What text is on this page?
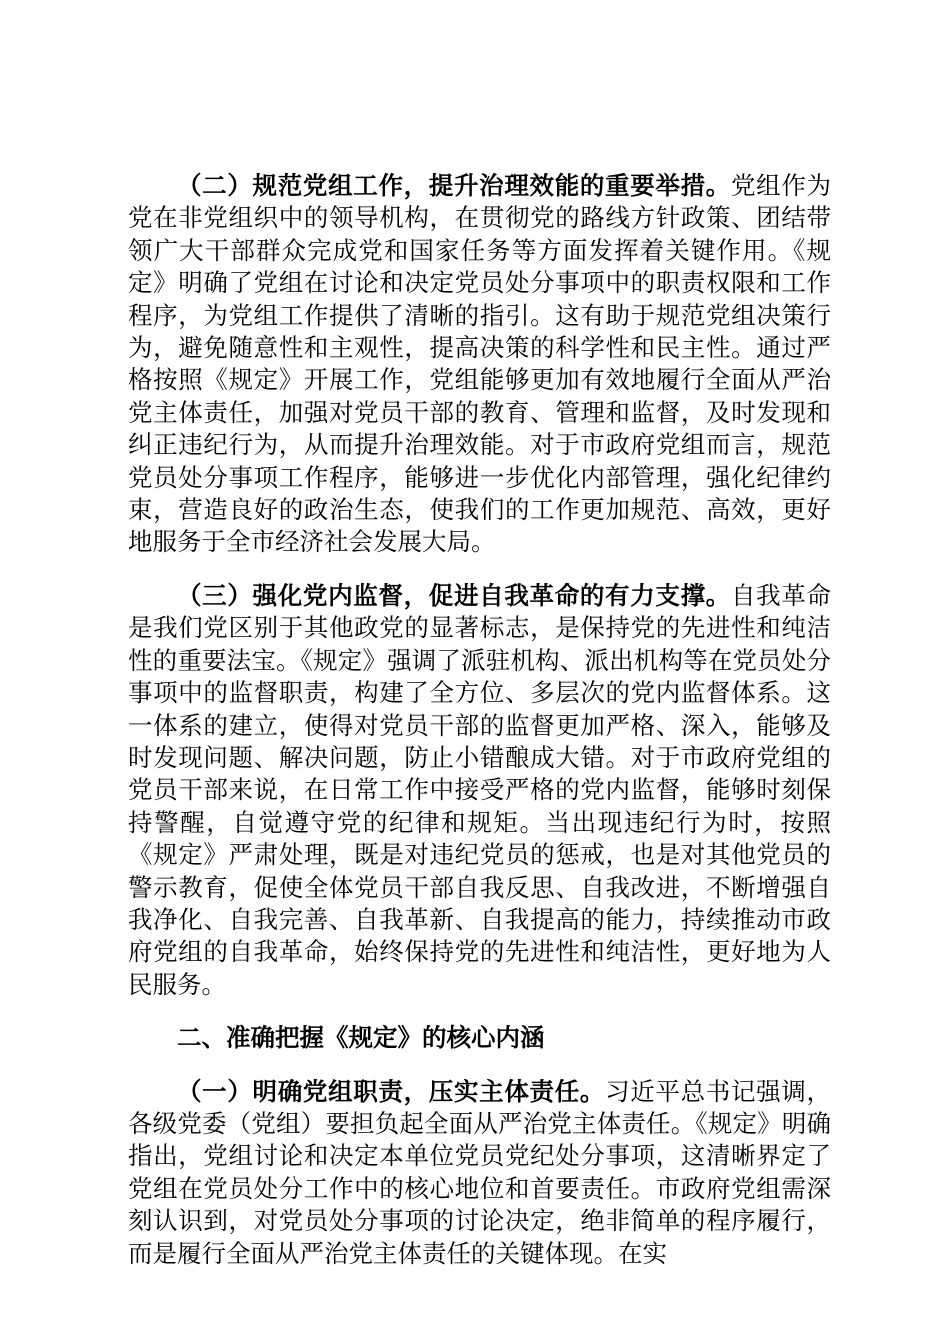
（二）规范党组工作，提升治理效能的重要举措。党组作为党在非党组织中的领导机构，在贯彻党的路线方针政策、团结带领广大干部群众完成党和国家任务等方面发挥着关键作用。《规定》明确了党组在讨论和决定党员处分事项中的职责权限和工作程序，为党组工作提供了清晰的指引。这有助于规范党组决策行为，避免随意性和主观性，提高决策的科学性和民主性。通过严格按照《规定》开展工作，党组能够更加有效地履行全面从严治党主体责任，加强对党员干部的教育、管理和监督，及时发现和纠正违纪行为，从而提升治理效能。对于市政府党组而言，规范党员处分事项工作程序，能够进一步优化内部管理，强化纪律约束，营造良好的政治生态，使我们的工作更加规范、高效，更好地服务于全市经济社会发展大局。

（三）强化党内监督，促进自我革命的有力支撑。自我革命是我们党区别于其他政党的显著标志，是保持党的先进性和纯洁性的重要法宝。《规定》强调了派驻机构、派出机构等在党员处分事项中的监督职责，构建了全方位、多层次的党内监督体系。这一体系的建立，使得对党员干部的监督更加严格、深入，能够及时发现问题、解决问题，防止小错酿成大错。对于市政府党组的党员干部来说，在日常工作中接受严格的党内监督，能够时刻保持警醒，自觉遵守党的纪律和规矩。当出现违纪行为时，按照《规定》严肃处理，既是对违纪党员的惩戒，也是对其他党员的警示教育，促使全体党员干部自我反思、自我改进，不断增强自我净化、自我完善、自我革新、自我提高的能力，持续推动市政府党组的自我革命，始终保持党的先进性和纯洁性，更好地为人民服务。

二、准确把握《规定》的核心内涵

（一）明确党组职责，压实主体责任。习近平总书记强调，各级党委（党组）要担负起全面从严治党主体责任。《规定》明确指出，党组讨论和决定本单位党员党纪处分事项，这清晰界定了党组在党员处分工作中的核心地位和首要责任。市政府党组需深刻认识到，对党员处分事项的讨论决定，绝非简单的程序履行，而是履行全面从严治党主体责任的关键体现。在实
